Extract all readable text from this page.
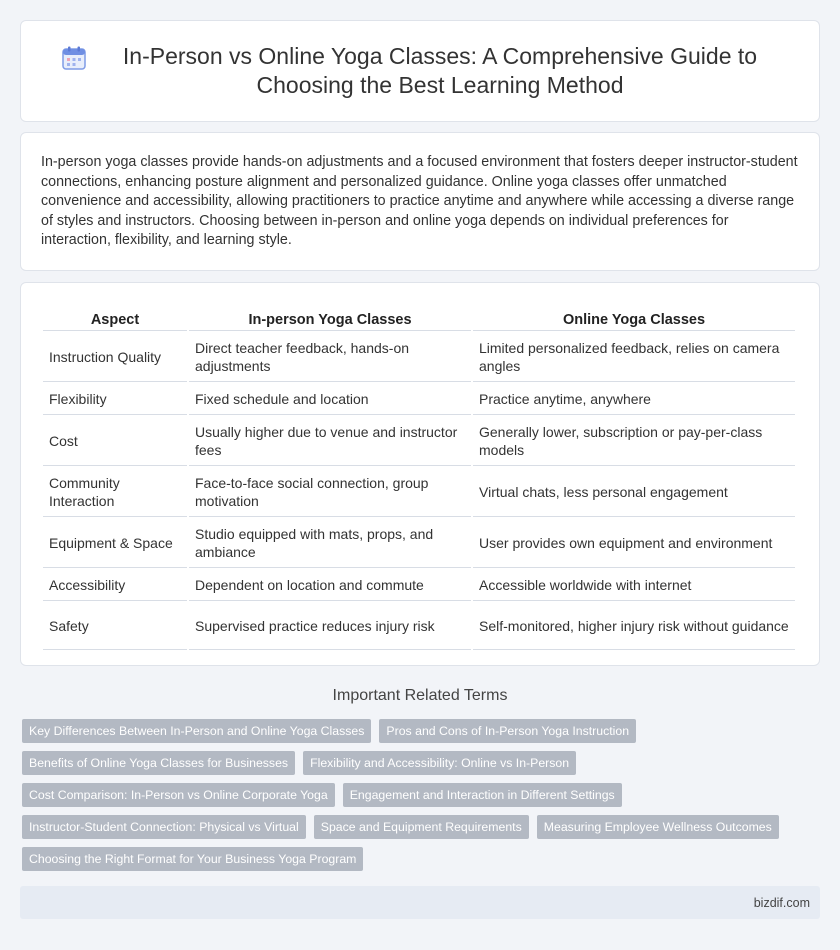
In-Person vs Online Yoga Classes: A Comprehensive Guide to Choosing the Best Learning Method

In-person yoga classes provide hands-on adjustments and a focused environment that fosters deeper instructor-student connections, enhancing posture alignment and personalized guidance. Online yoga classes offer unmatched convenience and accessibility, allowing practitioners to practice anytime and anywhere while accessing a diverse range of styles and instructors. Choosing between in-person and online yoga depends on individual preferences for interaction, flexibility, and learning style.

Aspect	In-person Yoga Classes	Online Yoga Classes
Instruction Quality	Direct teacher feedback, hands-on adjustments	Limited personalized feedback, relies on camera angles
Flexibility	Fixed schedule and location	Practice anytime, anywhere
Cost	Usually higher due to venue and instructor fees	Generally lower, subscription or pay-per-class models
Community Interaction	Face-to-face social connection, group motivation	Virtual chats, less personal engagement
Equipment & Space	Studio equipped with mats, props, and ambiance	User provides own equipment and environment
Accessibility	Dependent on location and commute	Accessible worldwide with internet
Safety	Supervised practice reduces injury risk	Self-monitored, higher injury risk without guidance
Important Related Terms
Key Differences Between In-Person and Online Yoga Classes	Pros and Cons of In-Person Yoga Instruction
Benefits of Online Yoga Classes for Businesses	Flexibility and Accessibility: Online vs In-Person
Cost Comparison: In-Person vs Online Corporate Yoga	Engagement and Interaction in Different Settings
Instructor-Student Connection: Physical vs Virtual	Space and Equipment Requirements	Measuring Employee Wellness Outcomes
Choosing the Right Format for Your Business Yoga Program
bizdif.com
